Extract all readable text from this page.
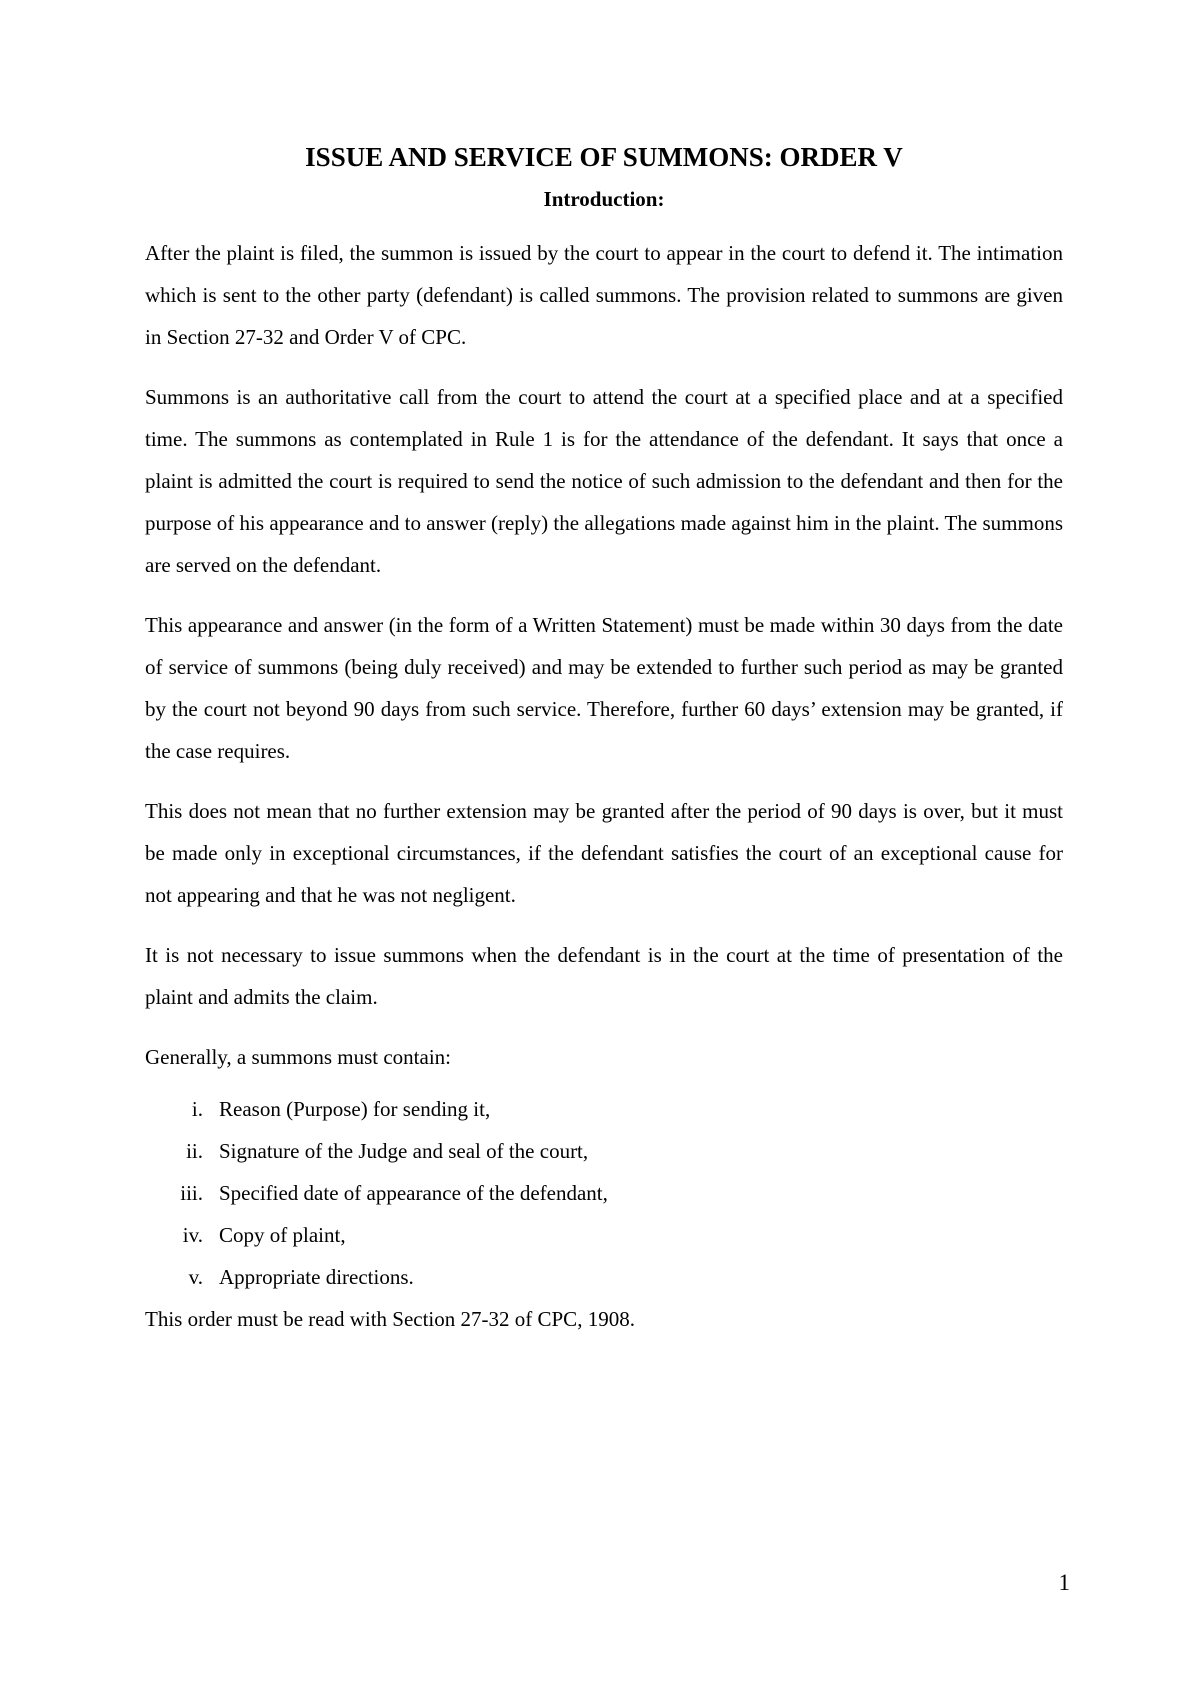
ISSUE AND SERVICE OF SUMMONS: ORDER V
Introduction:

After the plaint is filed, the summon is issued by the court to appear in the court to defend it. The intimation which is sent to the other party (defendant) is called summons. The provision related to summons are given in Section 27-32 and Order V of CPC.

Summons is an authoritative call from the court to attend the court at a specified place and at a specified time. The summons as contemplated in Rule 1 is for the attendance of the defendant. It says that once a plaint is admitted the court is required to send the notice of such admission to the defendant and then for the purpose of his appearance and to answer (reply) the allegations made against him in the plaint. The summons are served on the defendant.

This appearance and answer (in the form of a Written Statement) must be made within 30 days from the date of service of summons (being duly received) and may be extended to further such period as may be granted by the court not beyond 90 days from such service. Therefore, further 60 days’ extension may be granted, if the case requires.

This does not mean that no further extension may be granted after the period of 90 days is over, but it must be made only in exceptional circumstances, if the defendant satisfies the court of an exceptional cause for not appearing and that he was not negligent.

It is not necessary to issue summons when the defendant is in the court at the time of presentation of the plaint and admits the claim.

Generally, a summons must contain:

i. Reason (Purpose) for sending it,
ii. Signature of the Judge and seal of the court,
iii. Specified date of appearance of the defendant,
iv. Copy of plaint,
v. Appropriate directions.

This order must be read with Section 27-32 of CPC, 1908.

1
